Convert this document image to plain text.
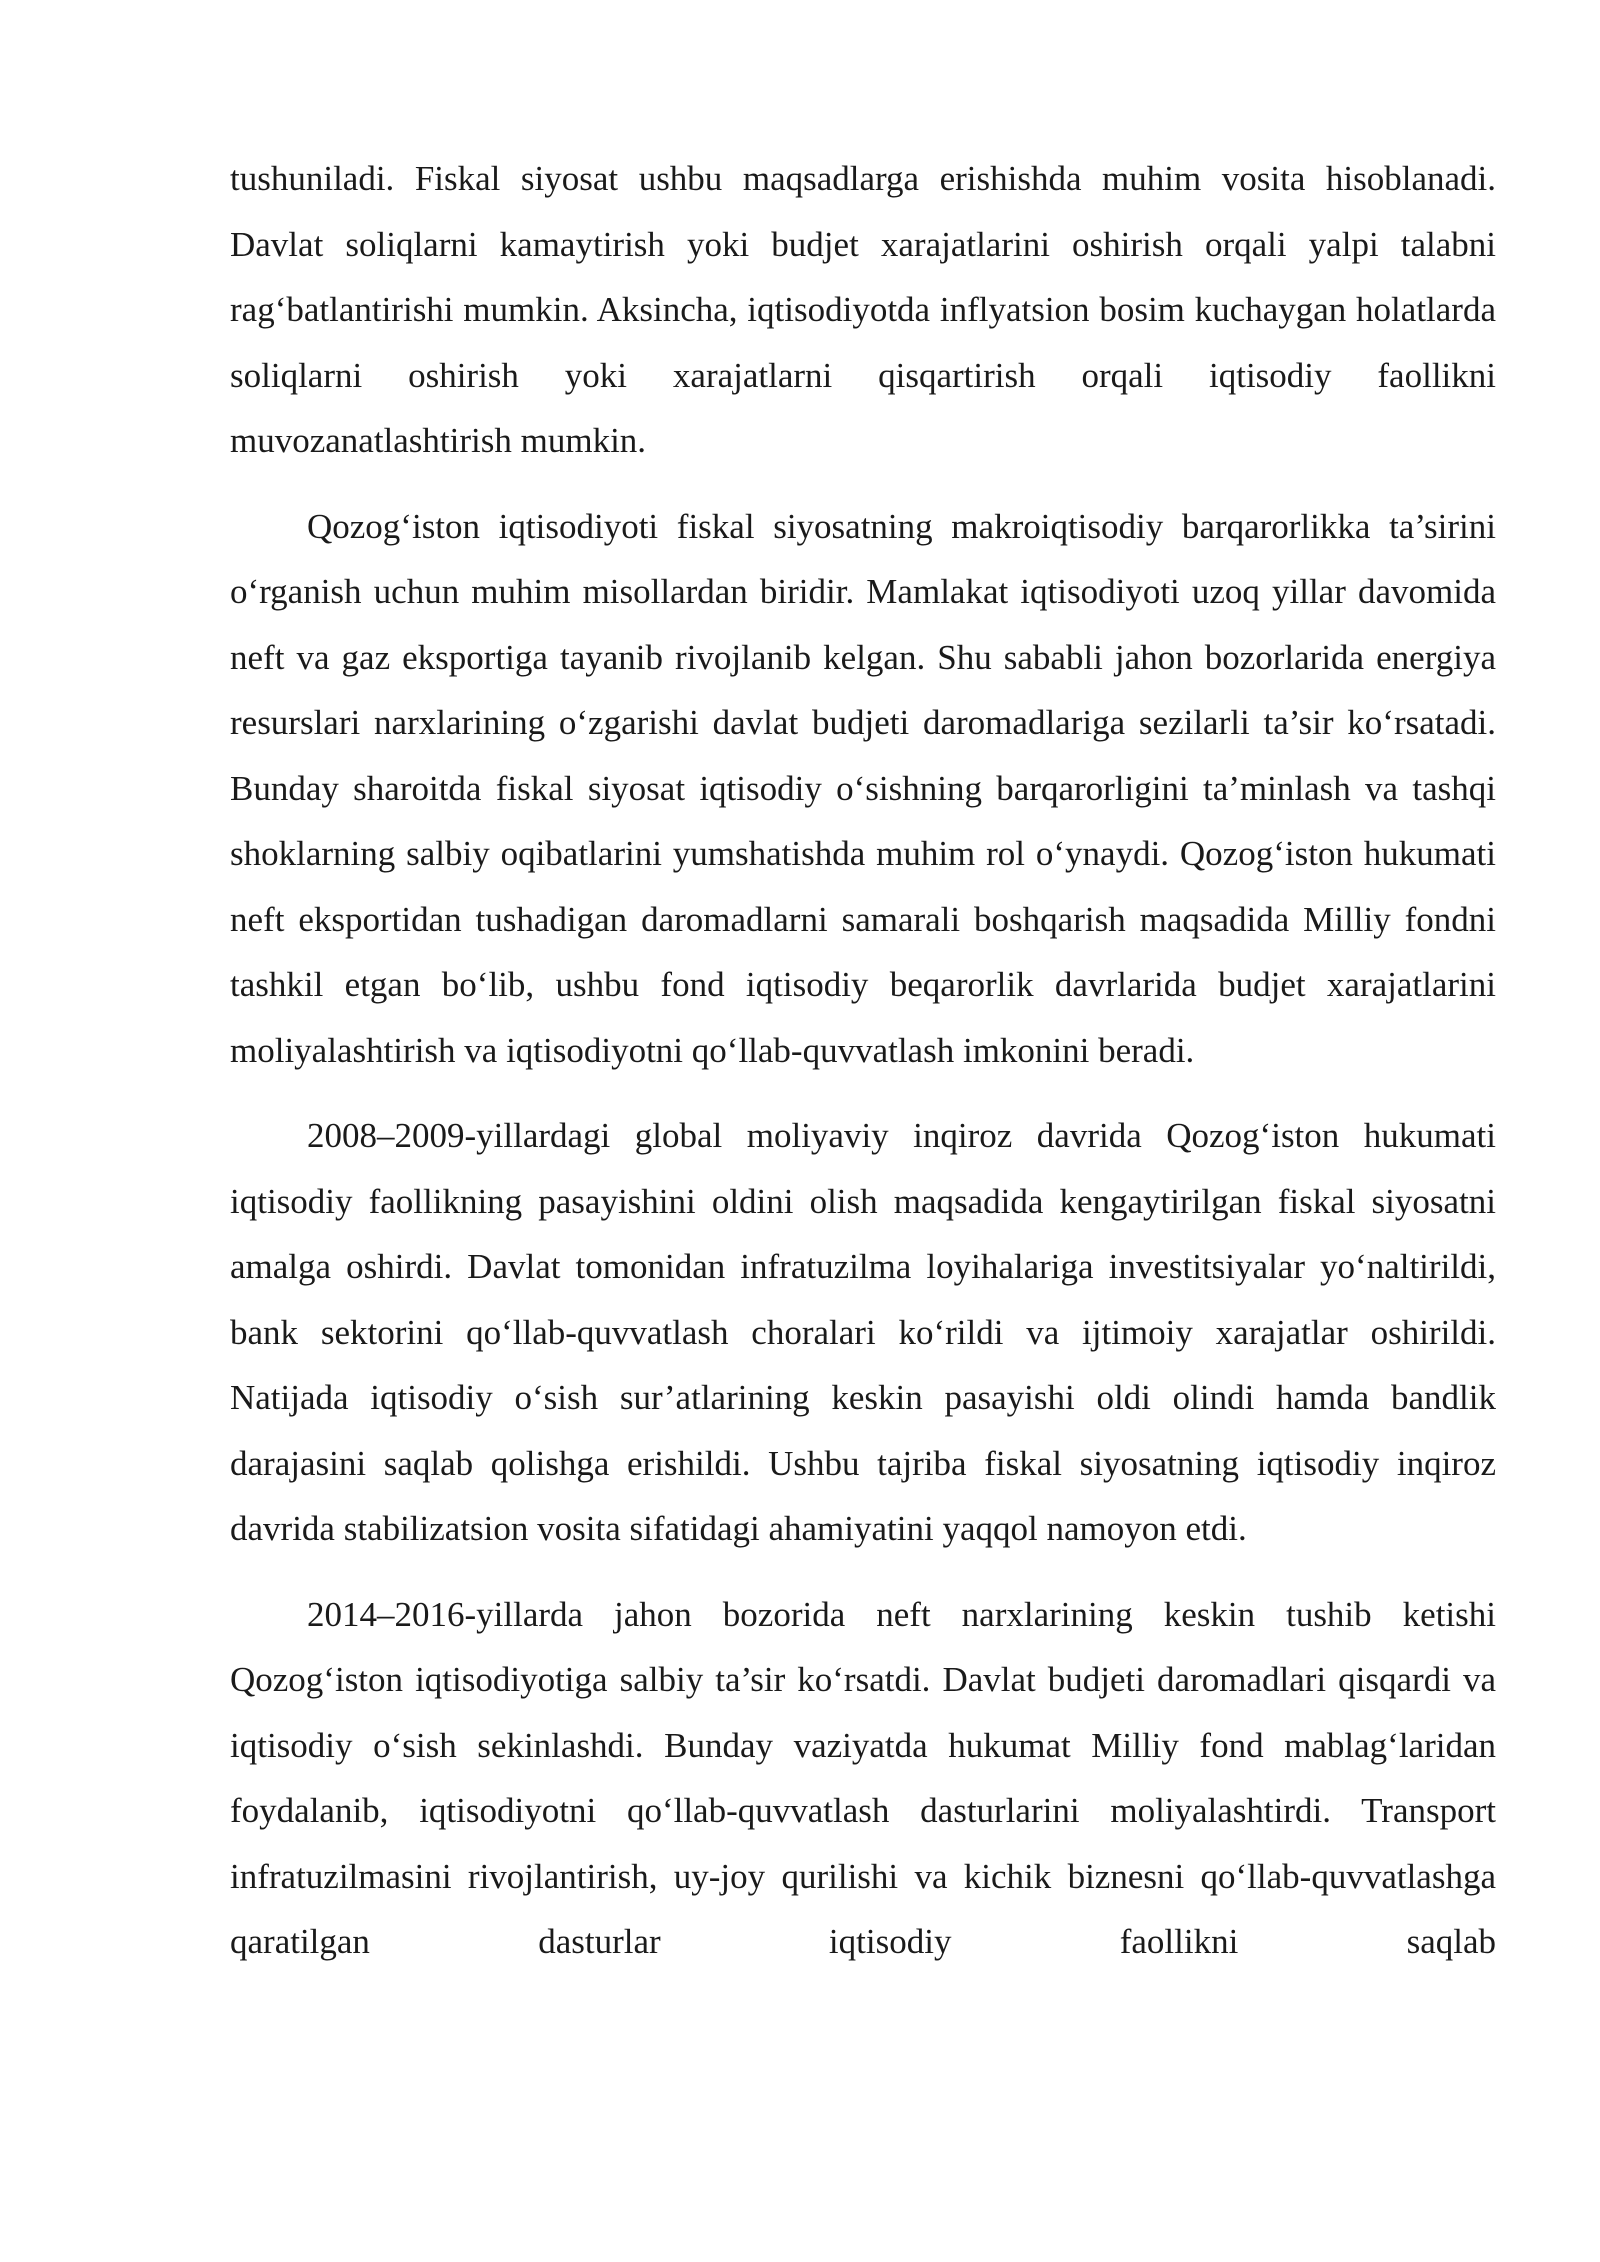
tushuniladi. Fiskal siyosat ushbu maqsadlarga erishishda muhim vosita hisoblanadi. Davlat soliqlarni kamaytirish yoki budjet xarajatlarini oshirish orqali yalpi talabni rag‘batlantirishi mumkin. Aksincha, iqtisodiyotda inflyatsion bosim kuchaygan holatlarda soliqlarni oshirish yoki xarajatlarni qisqartirish orqali iqtisodiy faollikni muvozanatlashtirish mumkin.

Qozog‘iston iqtisodiyoti fiskal siyosatning makroiqtisodiy barqarorlikka ta’sirini o‘rganish uchun muhim misollardan biridir. Mamlakat iqtisodiyoti uzoq yillar davomida neft va gaz eksportiga tayanib rivojlanib kelgan. Shu sababli jahon bozorlarida energiya resurslari narxlarining o‘zgarishi davlat budjeti daromadlariga sezilarli ta’sir ko‘rsatadi. Bunday sharoitda fiskal siyosat iqtisodiy o‘sishning barqarorligini ta’minlash va tashqi shoklarning salbiy oqibatlarini yumshatishda muhim rol o‘ynaydi. Qozog‘iston hukumati neft eksportidan tushadigan daromadlarni samarali boshqarish maqsadida Milliy fondni tashkil etgan bo‘lib, ushbu fond iqtisodiy beqarorlik davrlarida budjet xarajatlarini moliyalashtirish va iqtisodiyotni qo‘llab-quvvatlash imkonini beradi.

2008–2009-yillardagi global moliyaviy inqiroz davrida Qozog‘iston hukumati iqtisodiy faollikning pasayishini oldini olish maqsadida kengaytirilgan fiskal siyosatni amalga oshirdi. Davlat tomonidan infratuzilma loyihalariga investitsiyalar yo‘naltirildi, bank sektorini qo‘llab-quvvatlash choralari ko‘rildi va ijtimoiy xarajatlar oshirildi. Natijada iqtisodiy o‘sish sur’atlarining keskin pasayishi oldi olindi hamda bandlik darajasini saqlab qolishga erishildi. Ushbu tajriba fiskal siyosatning iqtisodiy inqiroz davrida stabilizatsion vosita sifatidagi ahamiyatini yaqqol namoyon etdi.

2014–2016-yillarda jahon bozorida neft narxlarining keskin tushib ketishi Qozog‘iston iqtisodiyotiga salbiy ta’sir ko‘rsatdi. Davlat budjeti daromadlari qisqardi va iqtisodiy o‘sish sekinlashdi. Bunday vaziyatda hukumat Milliy fond mablag‘laridan foydalanib, iqtisodiyotni qo‘llab-quvvatlash dasturlarini moliyalashtirdi. Transport infratuzilmasini rivojlantirish, uy-joy qurilishi va kichik biznesni qo‘llab-quvvatlashga qaratilgan dasturlar iqtisodiy faollikni saqlab
